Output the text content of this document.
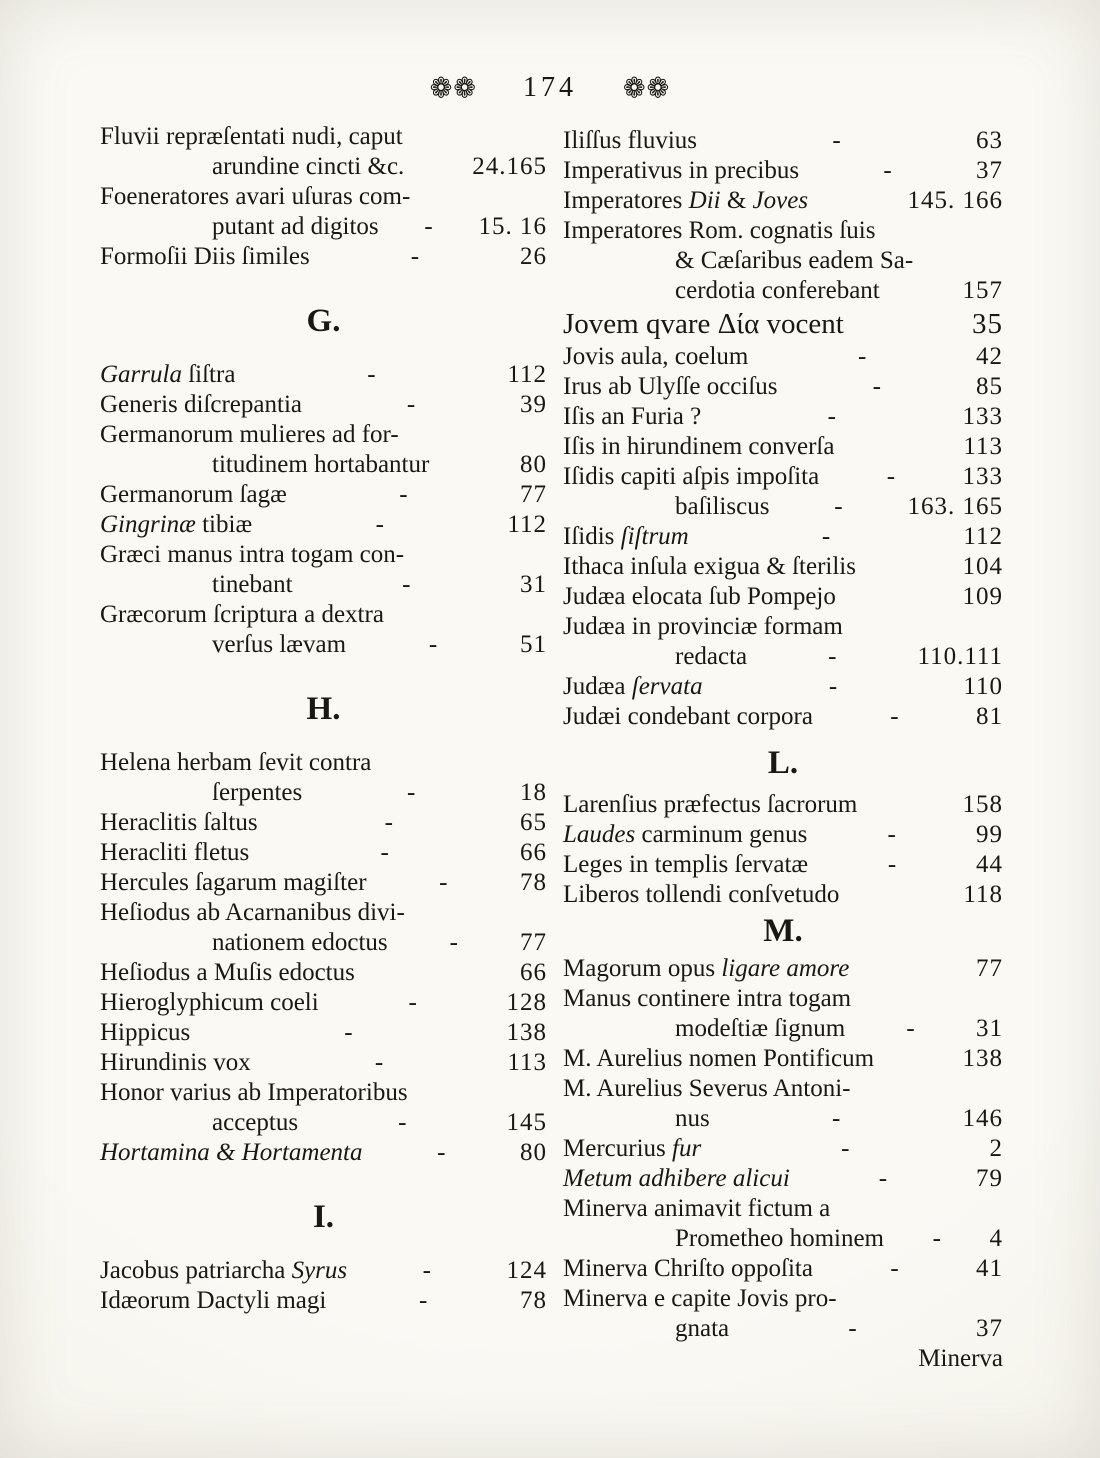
❁❁ 174 ❁❁
Fluvii repræſentati nudi, caput
arundine cincti &c.	24.165
Foeneratores avari uſuras com-
putant ad digitos	-	15. 16
Formoſii Diis ſimiles	-	26
G.
Garrula ſiſtra	-	112
Generis diſcrepantia	-	39
Germanorum mulieres ad for-
titudinem hortabantur	80
Germanorum ſagæ	-	77
Gingrinæ tibiæ	-	112
Græci manus intra togam con-
tinebant	-	31
Græcorum ſcriptura a dextra
verſus lævam	-	51
H.
Helena herbam ſevit contra
ſerpentes	-	18
Heraclitis ſaltus	-	65
Heracliti fletus	-	66
Hercules ſagarum magiſter	-	78
Heſiodus ab Acarnanibus divi-
nationem edoctus	-	77
Heſiodus a Muſis edoctus	66
Hieroglyphicum coeli	-	128
Hippicus	-	138
Hirundinis vox	-	113
Honor varius ab Imperatoribus
acceptus	-	145
Hortamina & Hortamenta	-	80
I.
Jacobus patriarcha Syrus	-	124
Idæorum Dactyli magi	-	78
Iliſſus fluvius	-	63
Imperativus in precibus	-	37
Imperatores Dii & Joves	145. 166
Imperatores Rom. cognatis ſuis
& Cæſaribus eadem Sa-
cerdotia conferebant	157
Jovem qvare Δία vocent	35
Jovis aula, coelum	-	42
Irus ab Ulyſſe occiſus	-	85
Iſis an Furia ?	-	133
Iſis in hirundinem converſa	113
Iſidis capiti aſpis impoſita	-	133
baſiliscus	-	163. 165
Iſidis ſiſtrum	-	112
Ithaca inſula exigua & ſterilis	104
Judæa elocata ſub Pompejo	109
Judæa in provinciæ formam
redacta	-	110.111
Judæa ſervata	-	110
Judæi condebant corpora	-	81
L.
Larenſius præfectus ſacrorum	158
Laudes carminum genus	-	99
Leges in templis ſervatæ	-	44
Liberos tollendi conſvetudo	118
M.
Magorum opus ligare amore	77
Manus continere intra togam
modeſtiæ ſignum	-	31
M. Aurelius nomen Pontificum	138
M. Aurelius Severus Antoni-
nus	-	146
Mercurius fur	-	2
Metum adhibere alicui	-	79
Minerva animavit fictum a
Prometheo hominem	-	4
Minerva Chriſto oppoſita	-	41
Minerva e capite Jovis pro-
gnata	-	37
Minerva
